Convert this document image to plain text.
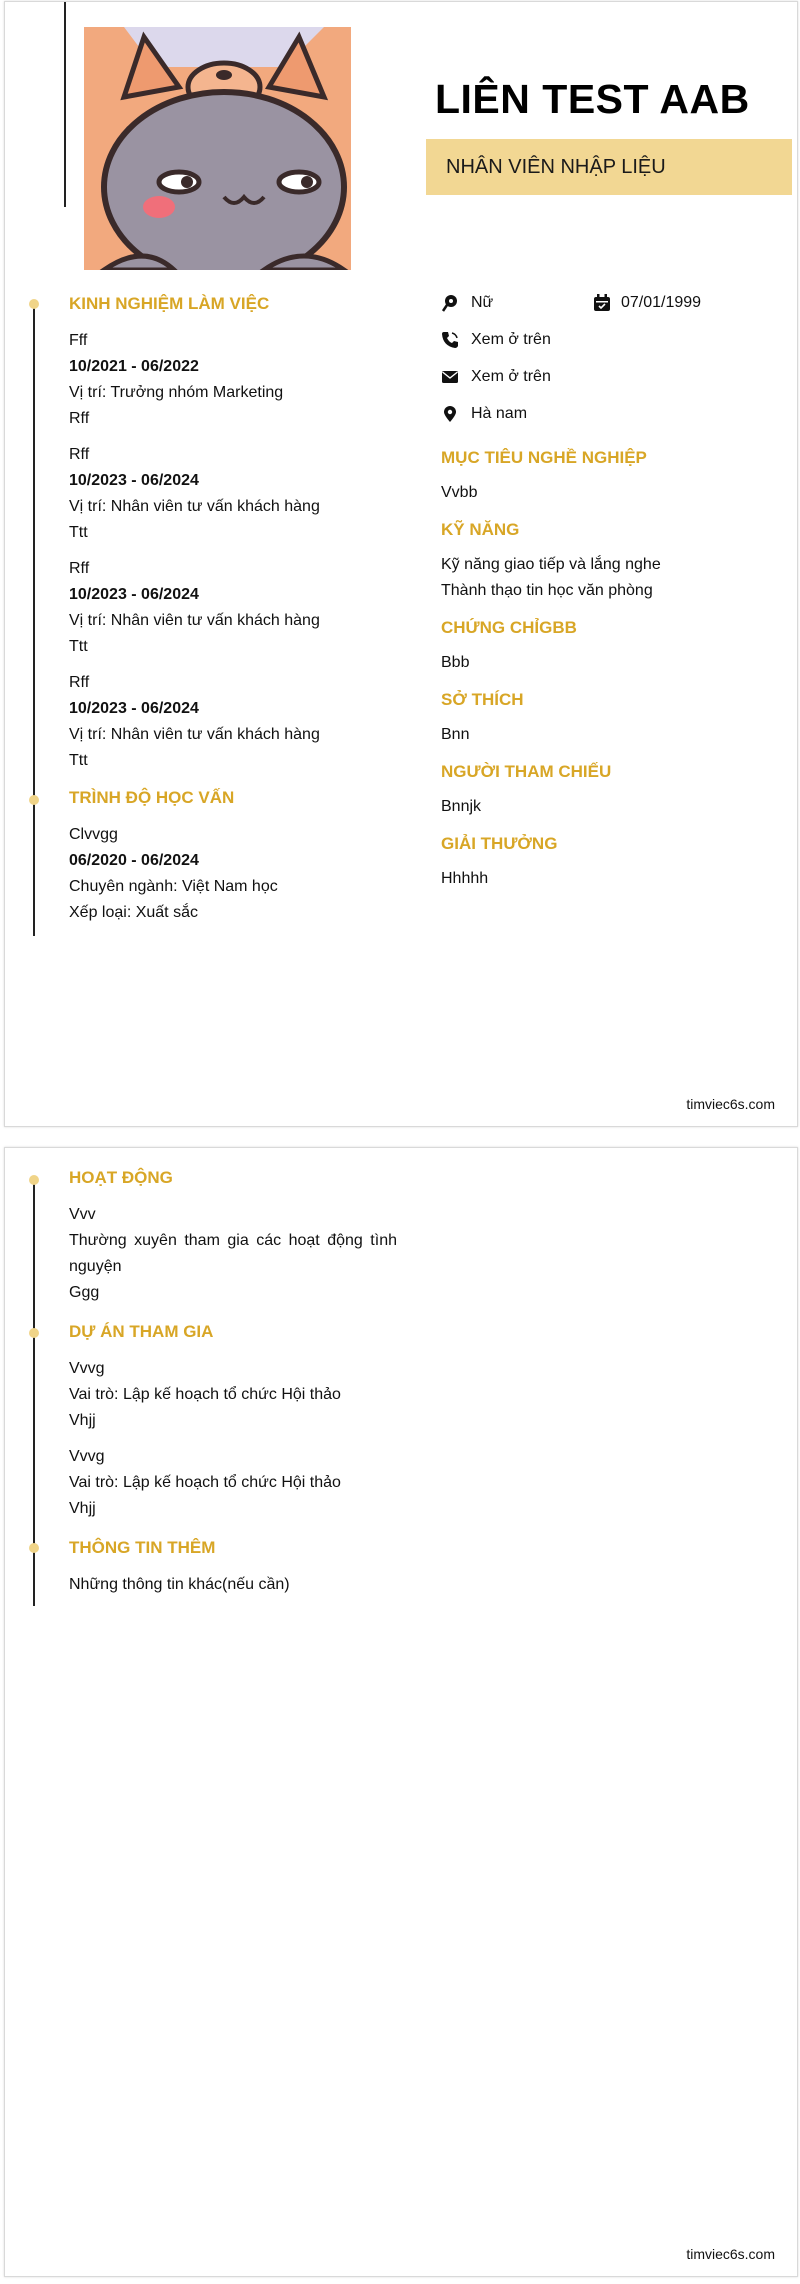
LIÊN TEST AAB
NHÂN VIÊN NHẬP LIỆU
KINH NGHIỆM LÀM VIỆC

Fff

10/2021 - 06/2022

Vị trí: Trưởng nhóm Marketing

Rff

Rff

10/2023 - 06/2024

Vị trí: Nhân viên tư vấn khách hàng

Ttt

Rff

10/2023 - 06/2024

Vị trí: Nhân viên tư vấn khách hàng

Ttt

Rff

10/2023 - 06/2024

Vị trí: Nhân viên tư vấn khách hàng

Ttt

TRÌNH ĐỘ HỌC VẤN

Clvvgg

06/2020 - 06/2024

Chuyên ngành: Việt Nam học

Xếp loại: Xuất sắc

Nữ	07/01/1999
Xem ở trên
Xem ở trên
Hà nam
MỤC TIÊU NGHỀ NGHIỆP
Vvbb
KỸ NĂNG

Kỹ năng giao tiếp và lắng nghe

Thành thạo tin học văn phòng

CHỨNG CHỈGBB
Bbb
SỞ THÍCH
Bnn
NGƯỜI THAM CHIẾU
Bnnjk
GIẢI THƯỞNG
Hhhhh
timviec6s.com
HOẠT ĐỘNG

Vvv

Thường xuyên tham gia các hoạt động tình nguyện

Ggg

DỰ ÁN THAM GIA

Vvvg

Vai trò: Lập kế hoạch tổ chức Hội thảo

Vhjj

Vvvg

Vai trò: Lập kế hoạch tổ chức Hội thảo

Vhjj

THÔNG TIN THÊM

Những thông tin khác(nếu cần)

timviec6s.com
